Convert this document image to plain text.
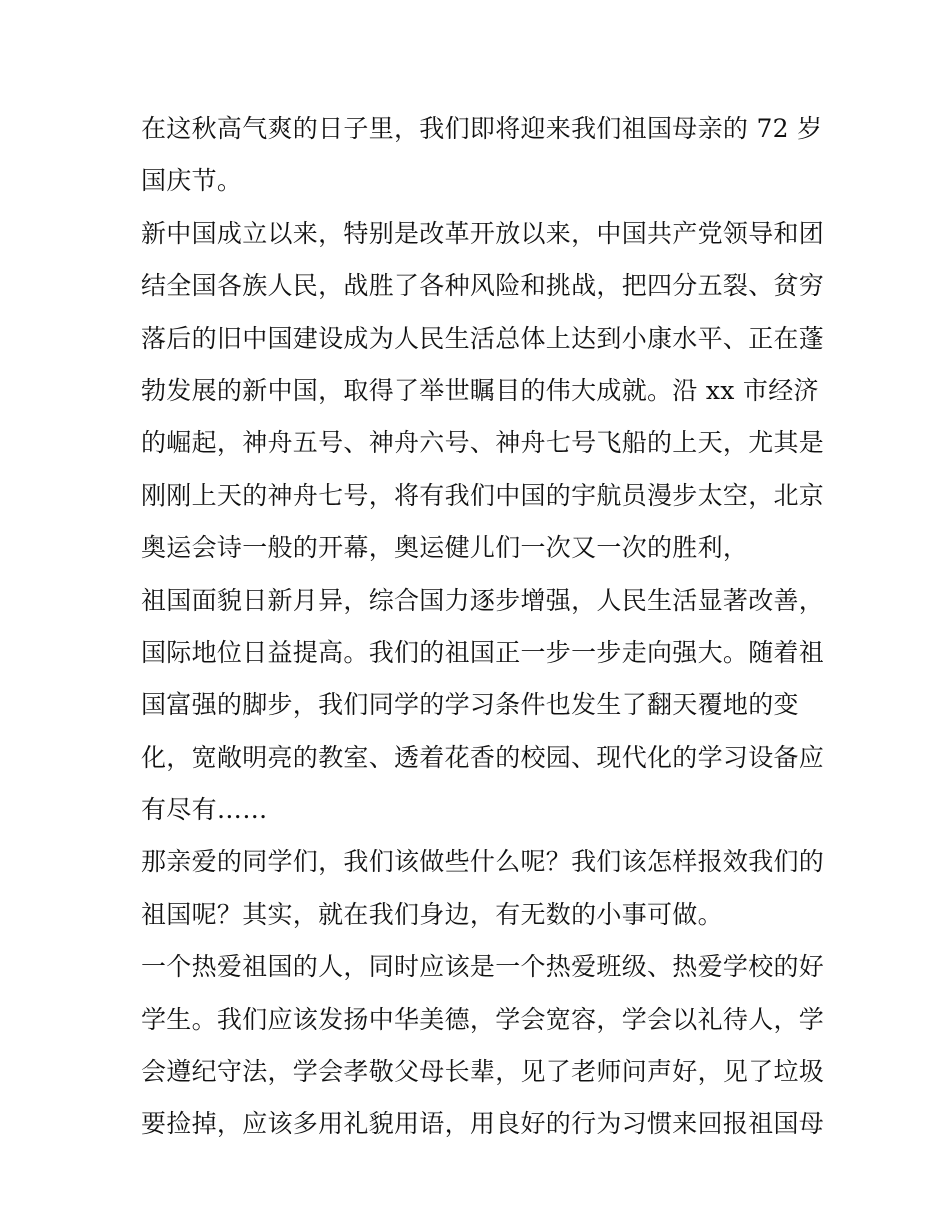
在这秋高气爽的日子里，我们即将迎来我们祖国母亲的 72 岁
国庆节。
新中国成立以来，特别是改革开放以来，中国共产党领导和团
结全国各族人民，战胜了各种风险和挑战，把四分五裂、贫穷
落后的旧中国建设成为人民生活总体上达到小康水平、正在蓬
勃发展的新中国，取得了举世瞩目的伟大成就。沿 xx 市经济
的崛起，神舟五号、神舟六号、神舟七号飞船的上天，尤其是
刚刚上天的神舟七号，将有我们中国的宇航员漫步太空，北京
奥运会诗一般的开幕，奥运健儿们一次又一次的胜利，
祖国面貌日新月异，综合国力逐步增强，人民生活显著改善，
国际地位日益提高。我们的祖国正一步一步走向强大。随着祖
国富强的脚步，我们同学的学习条件也发生了翻天覆地的变
化，宽敞明亮的教室、透着花香的校园、现代化的学习设备应
有尽有……
那亲爱的同学们，我们该做些什么呢？我们该怎样报效我们的
祖国呢？其实，就在我们身边，有无数的小事可做。
一个热爱祖国的人，同时应该是一个热爱班级、热爱学校的好
学生。我们应该发扬中华美德，学会宽容，学会以礼待人，学
会遵纪守法，学会孝敬父母长辈，见了老师问声好，见了垃圾
要捡掉，应该多用礼貌用语，用良好的行为习惯来回报祖国母
